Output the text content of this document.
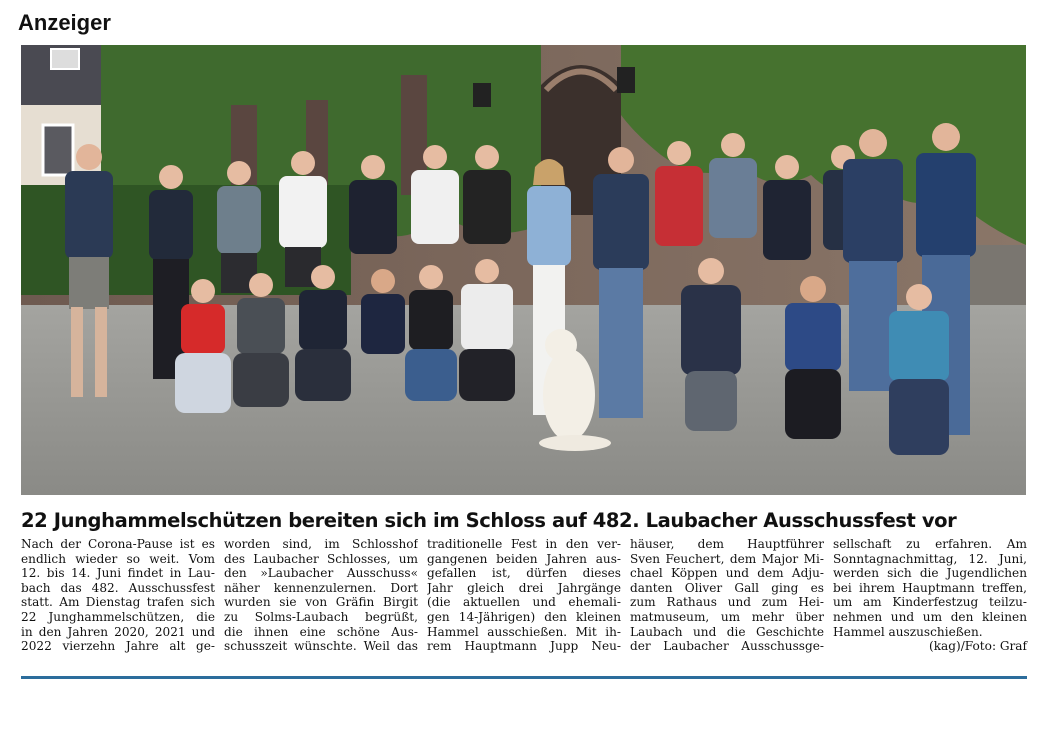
Anzeiger
22 Junghammelschützen bereiten sich im Schloss auf 482. Laubacher Ausschussfest vor
Nach der Corona-Pause ist es
endlich wieder so weit. Vom
12. bis 14. Juni findet in Lau-
bach das 482. Ausschussfest
statt. Am Dienstag trafen sich
22 Junghammelschützen, die
in den Jahren 2020, 2021 und
2022 vierzehn Jahre alt ge-
worden sind, im Schlosshof
des Laubacher Schlosses, um
den »Laubacher Ausschuss«
näher kennenzulernen. Dort
wurden sie von Gräfin Birgit
zu Solms-Laubach begrüßt,
die ihnen eine schöne Aus-
schusszeit wünschte. Weil das
traditionelle Fest in den ver-
gangenen beiden Jahren aus-
gefallen ist, dürfen dieses
Jahr gleich drei Jahrgänge
(die aktuellen und ehemali-
gen 14-Jährigen) den kleinen
Hammel ausschießen. Mit ih-
rem Hauptmann Jupp Neu-
häuser, dem Hauptführer
Sven Feuchert, dem Major Mi-
chael Köppen und dem Adju-
danten Oliver Gall ging es
zum Rathaus und zum Hei-
matmuseum, um mehr über
Laubach und die Geschichte
der Laubacher Ausschussge-
sellschaft zu erfahren. Am
Sonntagnachmittag, 12. Juni,
werden sich die Jugendlichen
bei ihrem Hauptmann treffen,
um am Kinderfestzug teilzu-
nehmen und um den kleinen
Hammel auszuschießen.
(kag)/Foto: Graf
